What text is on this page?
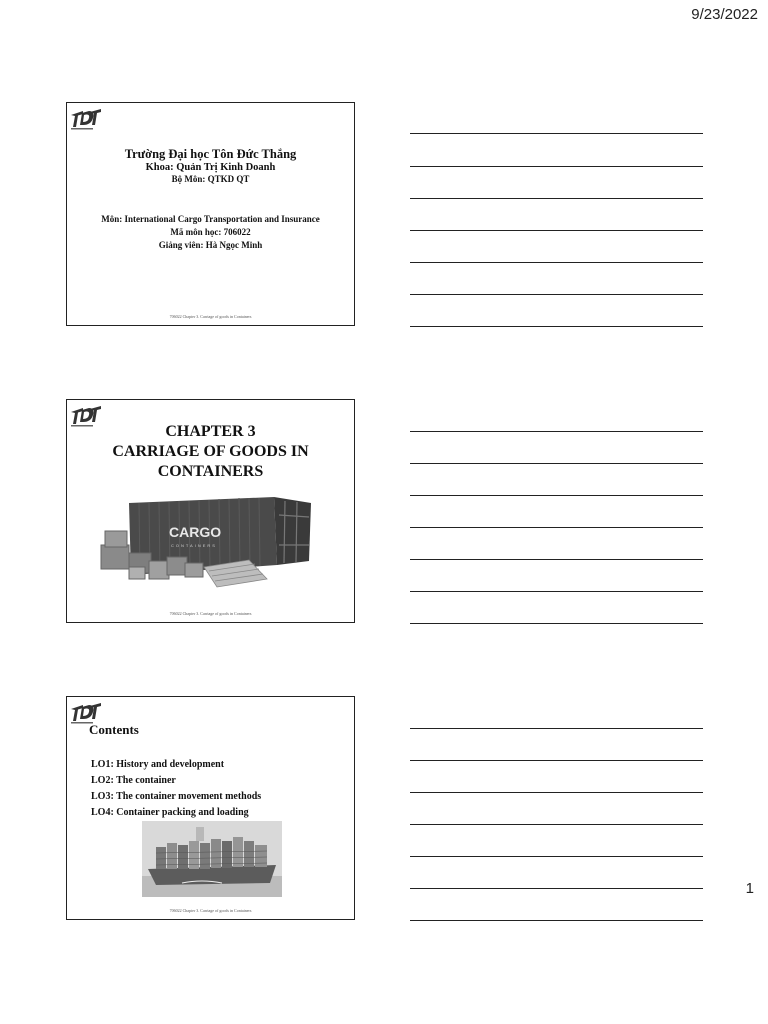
9/23/2022
Trường Đại học Tôn Đức Thắng
Khoa: Quản Trị Kinh Doanh
Bộ Môn: QTKD QT
Môn: International Cargo Transportation and Insurance
Mã môn học: 706022
Giảng viên: Hà Ngọc Minh
706022 Chapter 3. Carriage of goods in Containers
CHAPTER 3
CARRIAGE OF GOODS IN
CONTAINERS
CARGO
CONTAINERS
706022 Chapter 3. Carriage of goods in Containers
Contents
LO1: History and development
LO2: The container
LO3: The container movement methods
LO4: Container packing and loading
706022 Chapter 3. Carriage of goods in Containers
1
